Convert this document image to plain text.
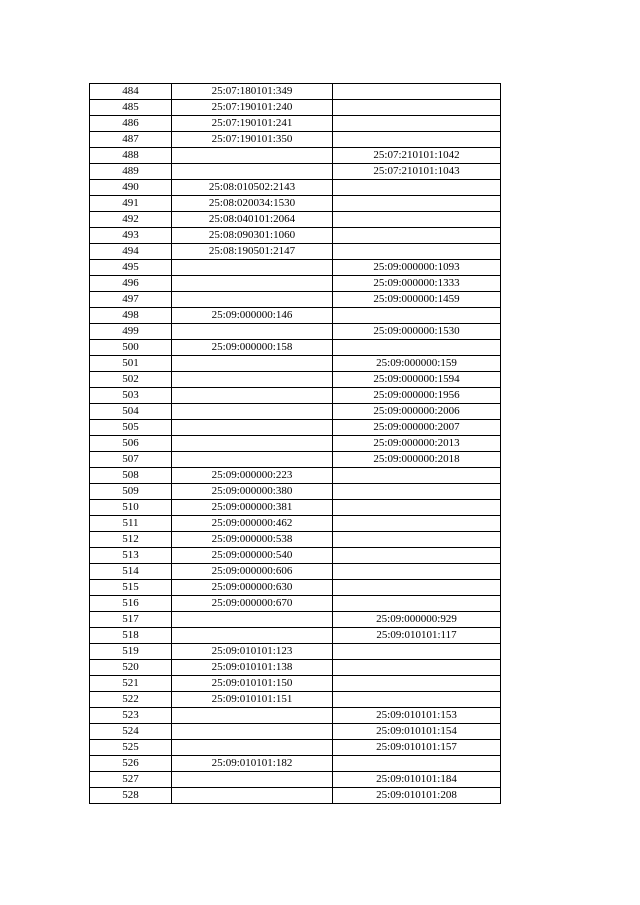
484	25:07:180101:349	
485	25:07:190101:240	
486	25:07:190101:241	
487	25:07:190101:350	
488		25:07:210101:1042
489		25:07:210101:1043
490	25:08:010502:2143	
491	25:08:020034:1530	
492	25:08:040101:2064	
493	25:08:090301:1060	
494	25:08:190501:2147	
495		25:09:000000:1093
496		25:09:000000:1333
497		25:09:000000:1459
498	25:09:000000:146	
499		25:09:000000:1530
500	25:09:000000:158	
501		25:09:000000:159
502		25:09:000000:1594
503		25:09:000000:1956
504		25:09:000000:2006
505		25:09:000000:2007
506		25:09:000000:2013
507		25:09:000000:2018
508	25:09:000000:223	
509	25:09:000000:380	
510	25:09:000000:381	
511	25:09:000000:462	
512	25:09:000000:538	
513	25:09:000000:540	
514	25:09:000000:606	
515	25:09:000000:630	
516	25:09:000000:670	
517		25:09:000000:929
518		25:09:010101:117
519	25:09:010101:123	
520	25:09:010101:138	
521	25:09:010101:150	
522	25:09:010101:151	
523		25:09:010101:153
524		25:09:010101:154
525		25:09:010101:157
526	25:09:010101:182	
527		25:09:010101:184
528		25:09:010101:208
